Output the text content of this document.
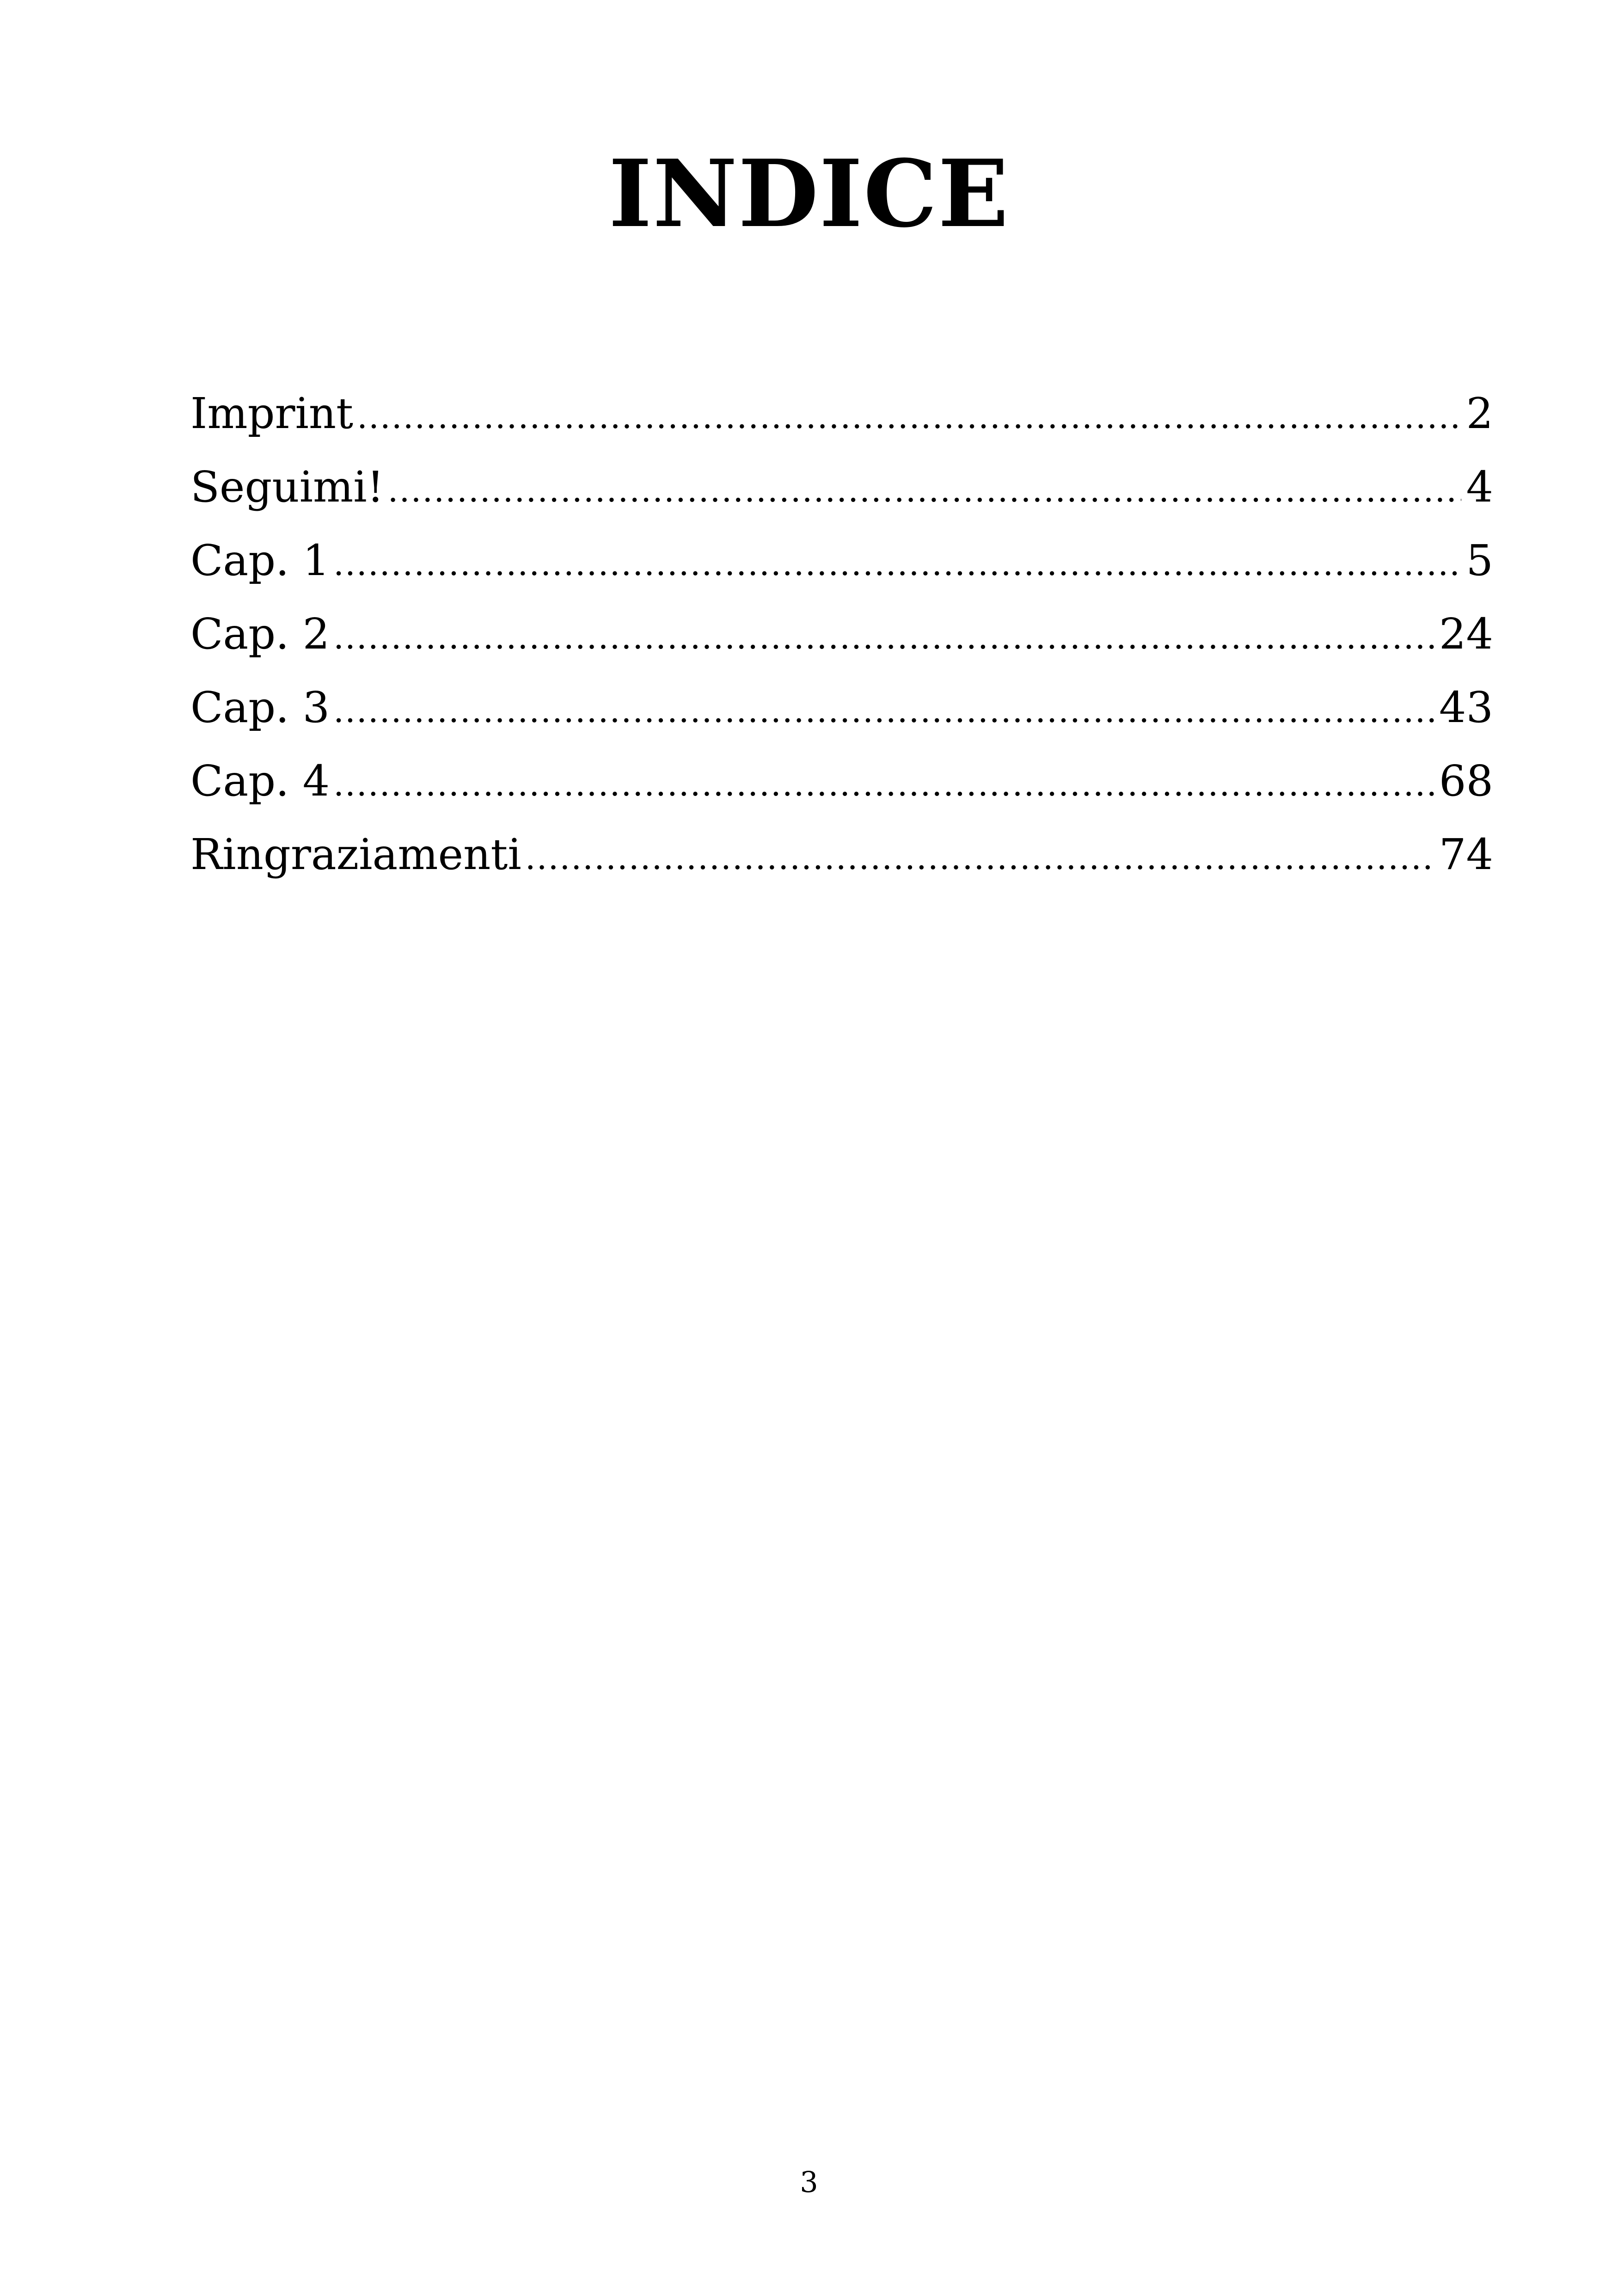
INDICE
Imprint .....	2
Seguimi! .....	4
Cap. 1 .....	5
Cap. 2 .....	24
Cap. 3 .....	43
Cap. 4 .....	68
Ringraziamenti .....	74
3
